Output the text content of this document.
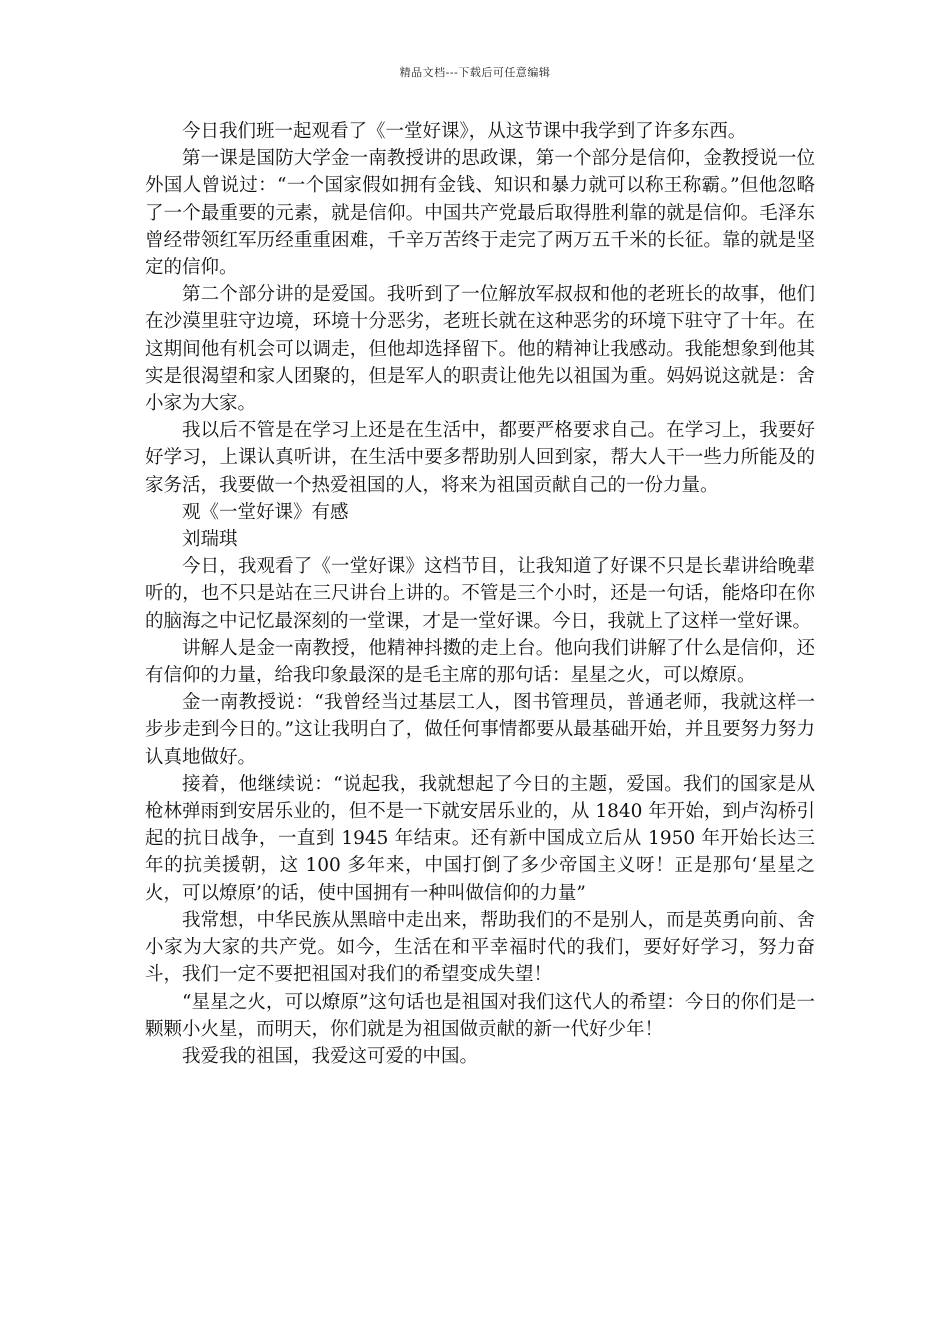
精品文档---下载后可任意编辑

今日我们班一起观看了《一堂好课》，从这节课中我学到了许多东西。

第一课是国防大学金一南教授讲的思政课，第一个部分是信仰，金教授说一位外国人曾说过：“一个国家假如拥有金钱、知识和暴力就可以称王称霸。”但他忽略了一个最重要的元素，就是信仰。中国共产党最后取得胜利靠的就是信仰。毛泽东曾经带领红军历经重重困难，千辛万苦终于走完了两万五千米的长征。靠的就是坚定的信仰。

第二个部分讲的是爱国。我听到了一位解放军叔叔和他的老班长的故事，他们在沙漠里驻守边境，环境十分恶劣，老班长就在这种恶劣的环境下驻守了十年。在这期间他有机会可以调走，但他却选择留下。他的精神让我感动。我能想象到他其实是很渴望和家人团聚的，但是军人的职责让他先以祖国为重。妈妈说这就是：舍小家为大家。

我以后不管是在学习上还是在生活中，都要严格要求自己。在学习上，我要好好学习，上课认真听讲，在生活中要多帮助别人回到家，帮大人干一些力所能及的家务活，我要做一个热爱祖国的人，将来为祖国贡献自己的一份力量。

观《一堂好课》有感

刘瑞琪

今日，我观看了《一堂好课》这档节目，让我知道了好课不只是长辈讲给晚辈听的，也不只是站在三尺讲台上讲的。不管是三个小时，还是一句话，能烙印在你的脑海之中记忆最深刻的一堂课，才是一堂好课。今日，我就上了这样一堂好课。

讲解人是金一南教授，他精神抖擞的走上台。他向我们讲解了什么是信仰，还有信仰的力量，给我印象最深的是毛主席的那句话：星星之火，可以燎原。

金一南教授说：“我曾经当过基层工人，图书管理员，普通老师，我就这样一步步走到今日的。”这让我明白了，做任何事情都要从最基础开始，并且要努力努力认真地做好。

接着，他继续说：“说起我，我就想起了今日的主题，爱国。我们的国家是从枪林弹雨到安居乐业的，但不是一下就安居乐业的，从 1840 年开始，到卢沟桥引起的抗日战争，一直到 1945 年结束。还有新中国成立后从 1950 年开始长达三年的抗美援朝，这 100 多年来，中国打倒了多少帝国主义呀！正是那句‘星星之火，可以燎原’的话，使中国拥有一种叫做信仰的力量”

我常想，中华民族从黑暗中走出来，帮助我们的不是别人，而是英勇向前、舍小家为大家的共产党。如今，生活在和平幸福时代的我们，要好好学习，努力奋斗，我们一定不要把祖国对我们的希望变成失望！

“星星之火，可以燎原”这句话也是祖国对我们这代人的希望：今日的你们是一颗颗小火星，而明天，你们就是为祖国做贡献的新一代好少年！

我爱我的祖国，我爱这可爱的中国。
